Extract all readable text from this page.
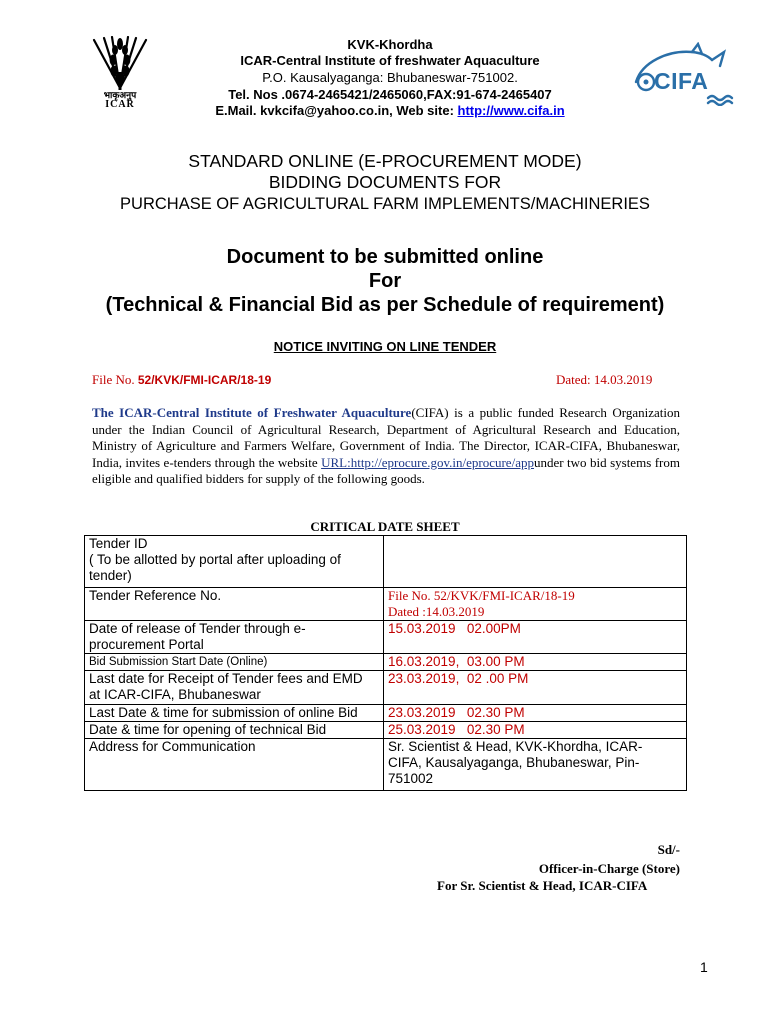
भाकृअनुप
ICAR
CIFA
KVK-Khordha
ICAR-Central Institute of freshwater Aquaculture
P.O. Kausalyaganga: Bhubaneswar-751002.
Tel. Nos .0674-2465421/2465060,FAX:91-674-2465407
E.Mail. kvkcifa@yahoo.co.in, Web site: http://www.cifa.in
STANDARD ONLINE (E-PROCUREMENT MODE)
BIDDING DOCUMENTS FOR
PURCHASE OF AGRICULTURAL FARM IMPLEMENTS/MACHINERIES
Document to be submitted online
For
(Technical & Financial Bid as per Schedule of requirement)
NOTICE INVITING ON LINE TENDER
File No. 52/KVK/FMI-ICAR/18-19	Dated: 14.03.2019
The ICAR-Central Institute of Freshwater Aquaculture(CIFA) is a public funded Research Organization under the Indian Council of Agricultural Research, Department of Agricultural Research and Education, Ministry of Agriculture and Farmers Welfare, Government of India. The Director, ICAR-CIFA, Bhubaneswar, India, invites e-tenders through the website URL:http://eprocure.gov.in/eprocure/appunder two bid systems from eligible and qualified bidders for supply of the following goods.
CRITICAL DATE SHEET
Tender ID
( To be allotted by portal after uploading of
tender)	

Tender Reference No.	File No. 52/KVK/FMI-ICAR/18-19
Dated :14.03.2019

Date of release of Tender through e-
procurement Portal	15.03.2019   02.00PM

Bid Submission Start Date (Online)	16.03.2019,  03.00 PM

Last date for Receipt of Tender fees and EMD
at ICAR-CIFA, Bhubaneswar	23.03.2019,  02 .00 PM

Last Date & time for submission of online Bid	23.03.2019   02.30 PM

Date & time for opening of technical Bid	25.03.2019   02.30 PM

Address for Communication	Sr. Scientist & Head, KVK-Khordha, ICAR-
CIFA, Kausalyaganga, Bhubaneswar, Pin-
751002
Sd/-
Officer-in-Charge (Store)
For Sr. Scientist & Head, ICAR-CIFA
1
